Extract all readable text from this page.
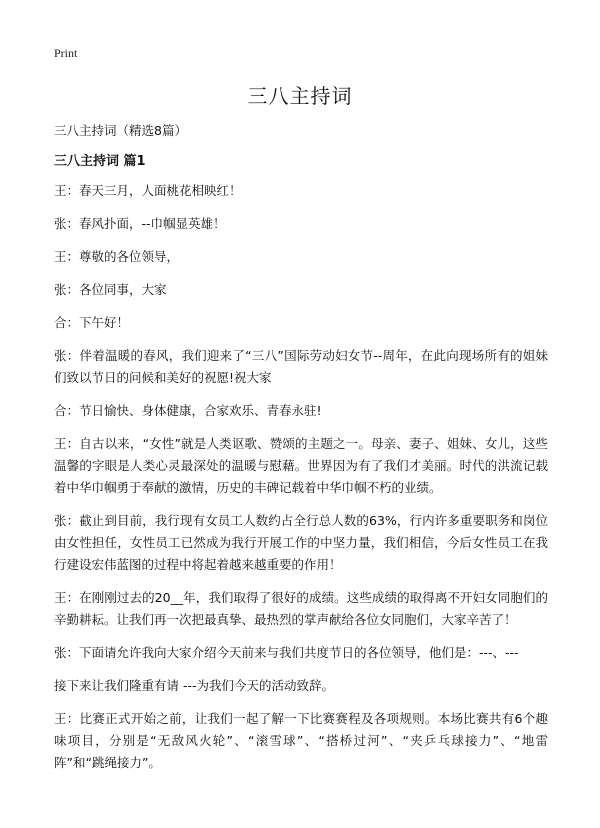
Print
三八主持词
三八主持词（精选8篇）
三八主持词 篇1

王：春天三月，人面桃花相映红！

张：春风扑面，--巾帼显英雄！

王：尊敬的各位领导，

张：各位同事，大家

合：下午好！

张：伴着温暖的春风，我们迎来了“三八”国际劳动妇女节--周年，在此向现场所有的姐妹们致以节日的问候和美好的祝愿!祝大家

合：节日愉快、身体健康，合家欢乐、青春永驻!

王：自古以来，“女性”就是人类讴歌、赞颂的主题之一。母亲、妻子、姐妹、女儿，这些温馨的字眼是人类心灵最深处的温暖与慰藉。世界因为有了我们才美丽。时代的洪流记载着中华巾帼勇于奉献的激情，历史的丰碑记载着中华巾帼不朽的业绩。

张：截止到目前，我行现有女员工人数约占全行总人数的63%，行内许多重要职务和岗位由女性担任，女性员工已然成为我行开展工作的中坚力量，我们相信，今后女性员工在我行建设宏伟蓝图的过程中将起着越来越重要的作用！

王：在刚刚过去的20__年，我们取得了很好的成绩。这些成绩的取得离不开妇女同胞们的辛勤耕耘。让我们再一次把最真挚、最热烈的掌声献给各位女同胞们，大家辛苦了！

张：下面请允许我向大家介绍今天前来与我们共度节日的各位领导，他们是：---、---

接下来让我们隆重有请 ---为我们今天的活动致辞。

王：比赛正式开始之前，让我们一起了解一下比赛赛程及各项规则。本场比赛共有6个趣味项目，分别是“无敌风火轮”、“滚雪球”、“搭桥过河”、“夹乒乓球接力”、“地雷阵”和“跳绳接力”。
